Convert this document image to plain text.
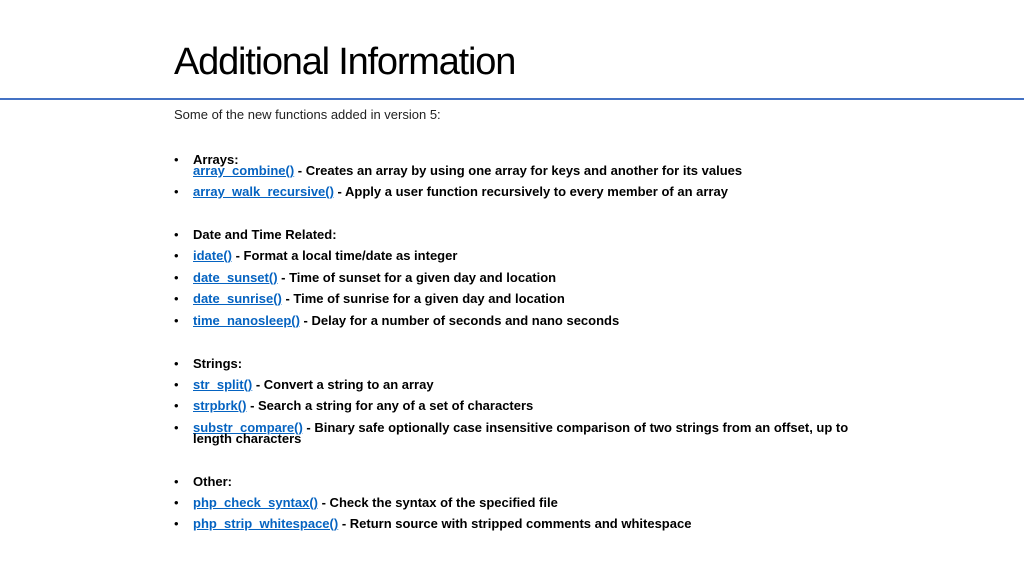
Additional Information
Some of the new functions added in version 5:
• Arrays:
array_combine() - Creates an array by using one array for keys and another for its values
• array_walk_recursive() - Apply a user function recursively to every member of an array
• Date and Time Related:
• idate() - Format a local time/date as integer
• date_sunset() - Time of sunset for a given day and location
• date_sunrise() - Time of sunrise for a given day and location
• time_nanosleep() - Delay for a number of seconds and nano seconds
• Strings:
• str_split() - Convert a string to an array
• strpbrk() - Search a string for any of a set of characters
• substr_compare() - Binary safe optionally case insensitive comparison of two strings from an offset, up to
length characters
• Other:
• php_check_syntax() - Check the syntax of the specified file
• php_strip_whitespace() - Return source with stripped comments and whitespace
